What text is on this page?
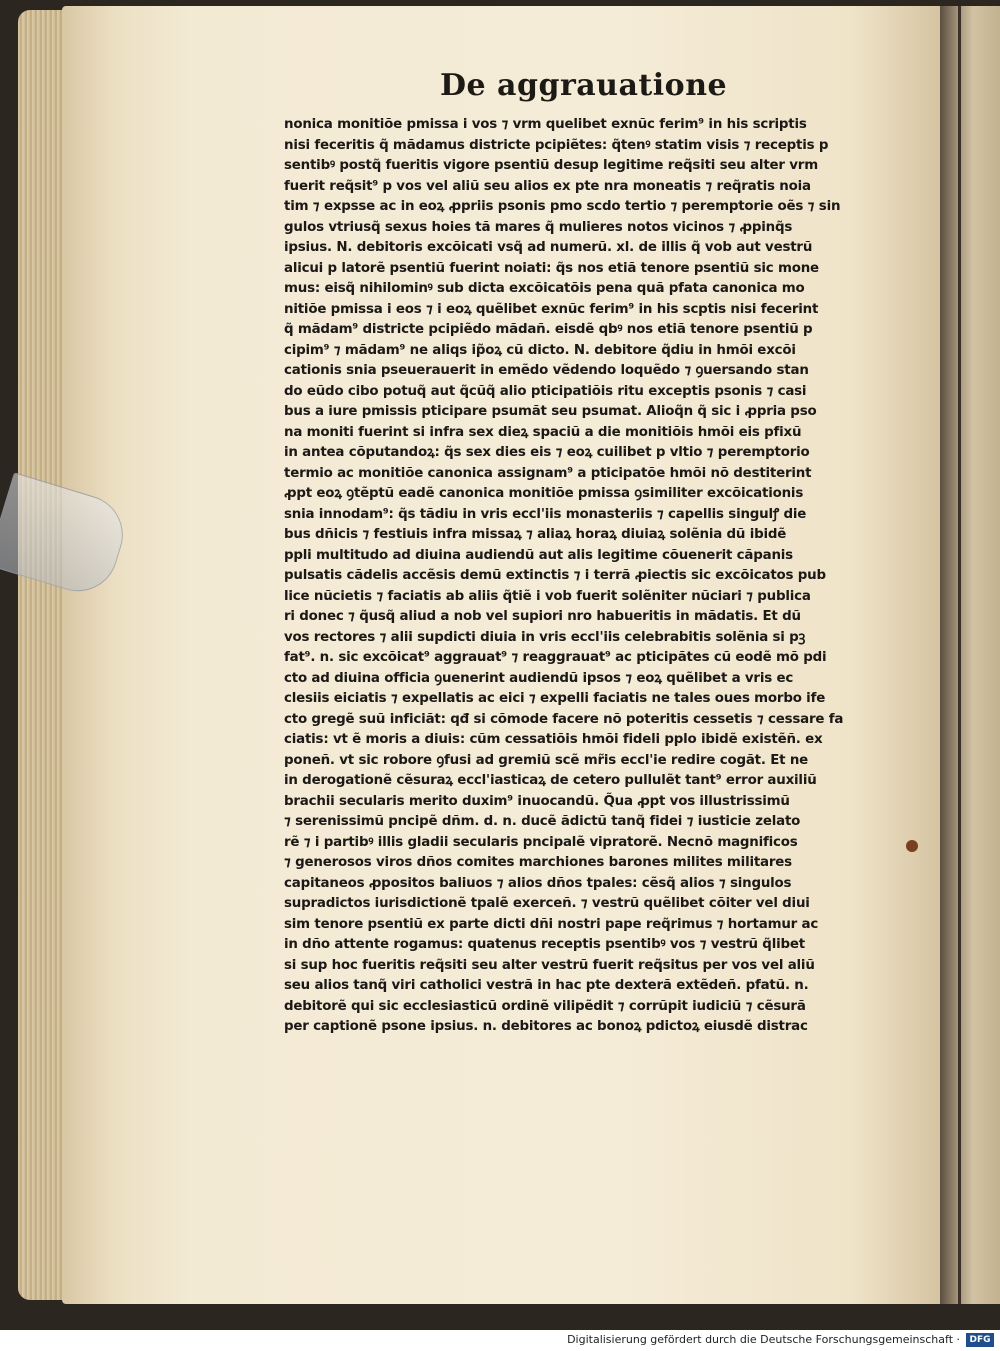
De aggrauatione
nonica monitiõe pmissa i vos ⁊ vrm quelibet exnũc ferim⁹ in his scriptis
nisi feceritis q̃ mãdamus districte pcipiẽtes: q̃tenꝰ statim visis ⁊ receptis p
sentibꝰ postq̃ fueritis vigore psentiũ desup legitime req̃siti seu alter vrm
fuerit req̃sit⁹ p vos vel aliũ seu alios ex pte nra moneatis ⁊ req̃ratis noia
tim ⁊ expsse ac in eoꝝ ꝓpriis psonis pmo scdo tertio ⁊ peremptorie oẽs ⁊ sin
gulos vtriusq̃ sexus hoies tã mares q̃ mulieres notos vicinos ⁊ ꝓpinq̃s
ipsius. N. debitoris excõicati vsq̃ ad numerũ. xl. de illis q̃ vob aut vestrũ
alicui p latorẽ psentiũ fuerint noiati: q̃s nos etiã tenore psentiũ sic mone
mus: eisq̃ nihilominꝰ sub dicta excõicatõis pena quã pfata canonica mo
nitiõe pmissa i eos ⁊ i eoꝝ quẽlibet exnũc ferim⁹ in his scptis nisi fecerint
q̃ mãdam⁹ districte pcipiẽdo mãdañ. eisdẽ qbꝰ nos etiã tenore psentiũ p
cipim⁹ ⁊ mãdam⁹ ne aliqs ip̃oꝝ cũ dicto. N. debitore q̃diu in hmõi excõi
cationis snia pseuerauerit in emẽdo vẽdendo loquẽdo ⁊ ꝯuersando stan
do eũdo cibo potuq̃ aut q̃cũq̃ alio pticipatiõis ritu exceptis psonis ⁊ casi
bus a iure pmissis pticipare psumãt seu psumat. Alioq̃n q̃ sic i ꝓpria pso
na moniti fuerint si infra sex dieꝝ spaciũ a die monitiõis hmõi eis pfixũ
in antea cõputandoꝝ: q̃s sex dies eis ⁊ eoꝝ cuilibet p vltio ⁊ peremptorio
termio ac monitiõe canonica assignam⁹ a pticipatõe hmõi nõ destiterint
ꝓpt eoꝝ ꝯtẽptũ eadẽ canonica monitiõe pmissa ꝯsimiliter excõicationis
snia innodam⁹: q̃s tãdiu in vris eccl'iis monasteriis ⁊ capellis singulꝭ die
bus dñicis ⁊ festiuis infra missaꝝ ⁊ aliaꝝ horaꝝ diuiaꝝ solẽnia dũ ibidẽ
ppli multitudo ad diuina audiendũ aut alis legitime cõuenerit cãpanis
pulsatis cãdelis accẽsis demũ extinctis ⁊ i terrã ꝓiectis sic excõicatos pub
lice nũcietis ⁊ faciatis ab aliis q̃tiẽ i vob fuerit solẽniter nũciari ⁊ publica
ri donec ⁊ q̃usq̃ aliud a nob vel supiori nro habueritis in mãdatis. Et dũ
vos rectores ⁊ alii supdicti diuia in vris eccl'iis celebrabitis solẽnia si pꝫ
fat⁹. n. sic excõicat⁹ aggrauat⁹ ⁊ reaggrauat⁹ ac pticipãtes cũ eodẽ mõ pdi
cto ad diuina officia ꝯuenerint audiendũ ipsos ⁊ eoꝝ quẽlibet a vris ec
clesiis eiciatis ⁊ expellatis ac eici ⁊ expelli faciatis ne tales oues morbo ife
cto gregẽ suũ inficiãt: qđ si cõmode facere nõ poteritis cessetis ⁊ cessare fa
ciatis: vt ẽ moris a diuis: cũm cessatiõis hmõi fideli pplo ibidẽ existẽñ. ex
poneñ. vt sic robore ꝯfusi ad gremiũ scẽ mr̃is eccl'ie redire cogãt. Et ne
in derogationẽ cẽsuraꝝ eccl'iasticaꝝ de cetero pullulẽt tant⁹ error auxiliũ
brachii secularis merito duxim⁹ inuocandũ. Q̃ua ꝓpt vos illustrissimũ
⁊ serenissimũ pncipẽ dñm. d. n. ducẽ ãdictũ tanq̃ fidei ⁊ iusticie zelato
rẽ ⁊ i partibꝰ illis gladii secularis pncipalẽ vipratorẽ. Necnõ magnificos
⁊ generosos viros dños comites marchiones barones milites militares
capitaneos ꝓpositos baliuos ⁊ alios dños tpales: cẽsq̃ alios ⁊ singulos
supradictos iurisdictionẽ tpalẽ exerceñ. ⁊ vestrũ quẽlibet cõiter vel diui
sim tenore psentiũ ex parte dicti dñi nostri pape req̃rimus ⁊ hortamur ac
in dño attente rogamus: quatenus receptis psentibꝰ vos ⁊ vestrũ q̃libet
si sup hoc fueritis req̃siti seu alter vestrũ fuerit req̃situs per vos vel aliũ
seu alios tanq̃ viri catholici vestrã in hac pte dexterã extẽdeñ. pfatũ. n.
debitorẽ qui sic ecclesiasticũ ordinẽ vilipẽdit ⁊ corrũpit iudiciũ ⁊ cẽsurã
per captionẽ psone ipsius. n. debitores ac bonoꝝ pdictoꝝ eiusdẽ distrac
Digitalisierung gefördert durch die Deutsche Forschungsgemeinschaft ·	DFG
